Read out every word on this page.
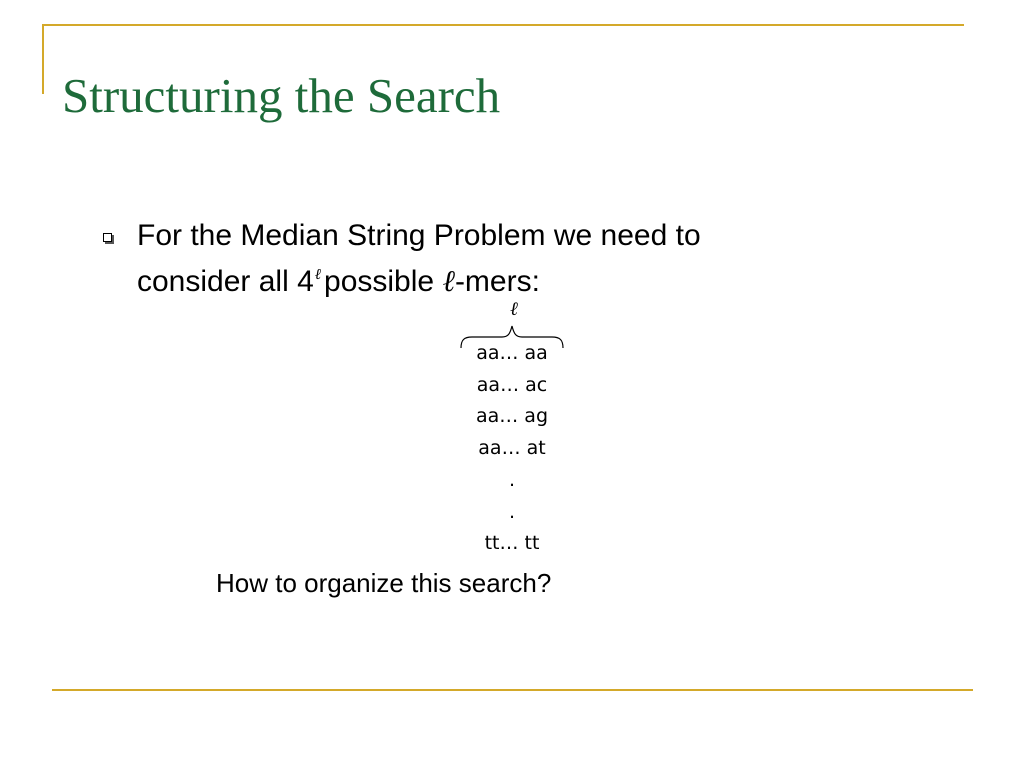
Structuring the Search

For the Median String Problem we need to
consider all $4^\ell$ possible ℓ-mers:

ℓ
aa… aa
aa… ac
aa… ag
aa… at
.
.
tt… tt

How to organize this search?
